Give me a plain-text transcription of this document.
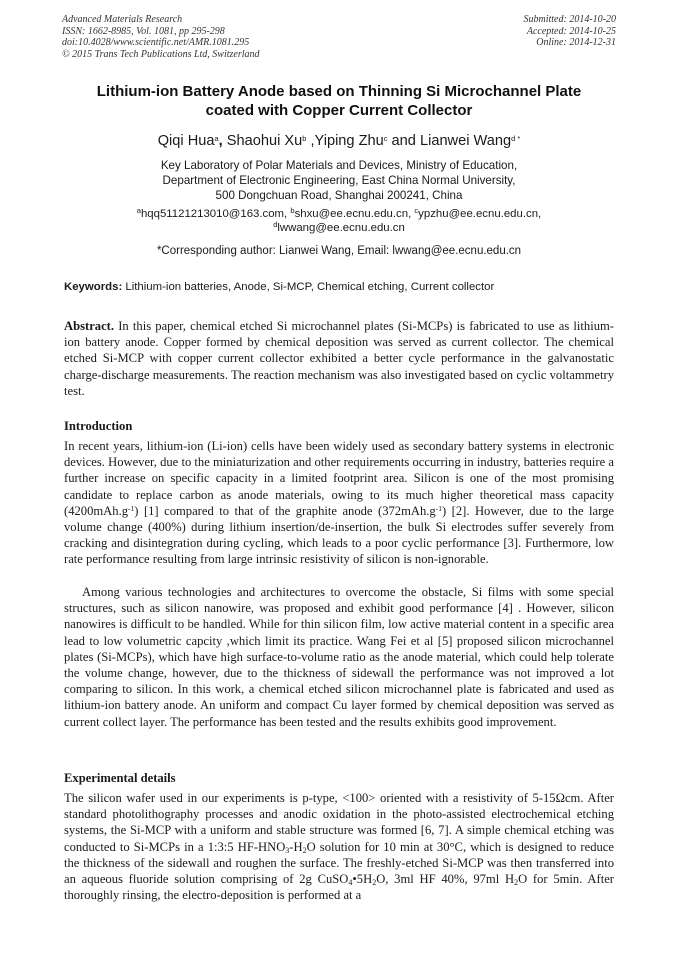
Advanced Materials Research
ISSN: 1662-8985, Vol. 1081, pp 295-298
doi:10.4028/www.scientific.net/AMR.1081.295
© 2015 Trans Tech Publications Ltd, Switzerland
Submitted: 2014-10-20
Accepted: 2014-10-25
Online: 2014-12-31
Lithium-ion Battery Anode based on Thinning Si Microchannel Plate
coated with Copper Current Collector
Qiqi Hua$^a$, Shaohui Xu$^b$ ,Yiping Zhu$^c$ and Lianwei Wang$^{d *}$
Key Laboratory of Polar Materials and Devices, Ministry of Education,
Department of Electronic Engineering, East China Normal University,
500 Dongchuan Road, Shanghai 200241, China
$^a$hqq51121213010@163.com, $^b$shxu@ee.ecnu.edu.cn, $^c$ypzhu@ee.ecnu.edu.cn,
$^d$lwwang@ee.ecnu.edu.cn
*Corresponding author: Lianwei Wang, Email: lwwang@ee.ecnu.edu.cn
Keywords: Lithium-ion batteries, Anode, Si-MCP, Chemical etching, Current collector
Abstract. In this paper, chemical etched Si microchannel plates (Si-MCPs) is fabricated to use as lithium-ion battery anode. Copper formed by chemical deposition was served as current collector. The chemical etched Si-MCP with copper current collector exhibited a better cycle performance in the galvanostatic charge-discharge measurements. The reaction mechanism was also investigated based on cyclic voltammetry test.
Introduction
In recent years, lithium-ion (Li-ion) cells have been widely used as secondary battery systems in electronic devices. However, due to the miniaturization and other requirements occurring in industry, batteries require a further increase on specific capacity in a limited footprint area. Silicon is one of the most promising candidate to replace carbon as anode materials, owing to its much higher theoretical mass capacity $(4200mAh.g^{-1})$ [1] compared to that of the graphite anode $(372mAh.g^{-1})$ [2]. However, due to the large volume change (400%) during lithium insertion/de-insertion, the bulk Si electrodes suffer severely from cracking and disintegration during cycling, which leads to a poor cyclic performance [3]. Furthermore, low rate performance resulting from large intrinsic resistivity of silicon is non-ignorable.
Among various technologies and architectures to overcome the obstacle, Si films with some special structures, such as silicon nanowire, was proposed and exhibit good performance [4] . However, silicon nanowires is difficult to be handled. While for thin silicon film, low active material content in a specific area lead to low volumetric capcity ,which limit its practice. Wang Fei et al [5] proposed silicon microchannel plates (Si-MCPs), which have high surface-to-volume ratio as the anode material, which could help tolerate the volume change, however, due to the thickness of sidewall the performance was not improved a lot comparing to silicon. In this work, a chemical etched silicon microchannel plate is fabricated and used as lithium-ion battery anode. An uniform and compact Cu layer formed by chemical deposition was served as current collect layer. The performance has been tested and the results exhibits good improvement.
Experimental details
The silicon wafer used in our experiments is p-type, <100> oriented with a resistivity of 5-15Ωcm. After standard photolithography processes and anodic oxidation in the photo-assisted electrochemical etching systems, the Si-MCP with a uniform and stable structure was formed [6, 7]. A simple chemical etching was conducted to Si-MCPs in a 1:3:5 $HF-HNO_3-H_2O$ solution for 10 min at 30°C, which is designed to reduce the thickness of the sidewall and roughen the surface. The freshly-etched Si-MCP was then transferred into an aqueous fluoride solution comprising of 2g $CuSO_4•5H_2O$, 3ml HF 40%, 97ml $H_2O$ for 5min. After thoroughly rinsing, the electro-deposition is performed at a
